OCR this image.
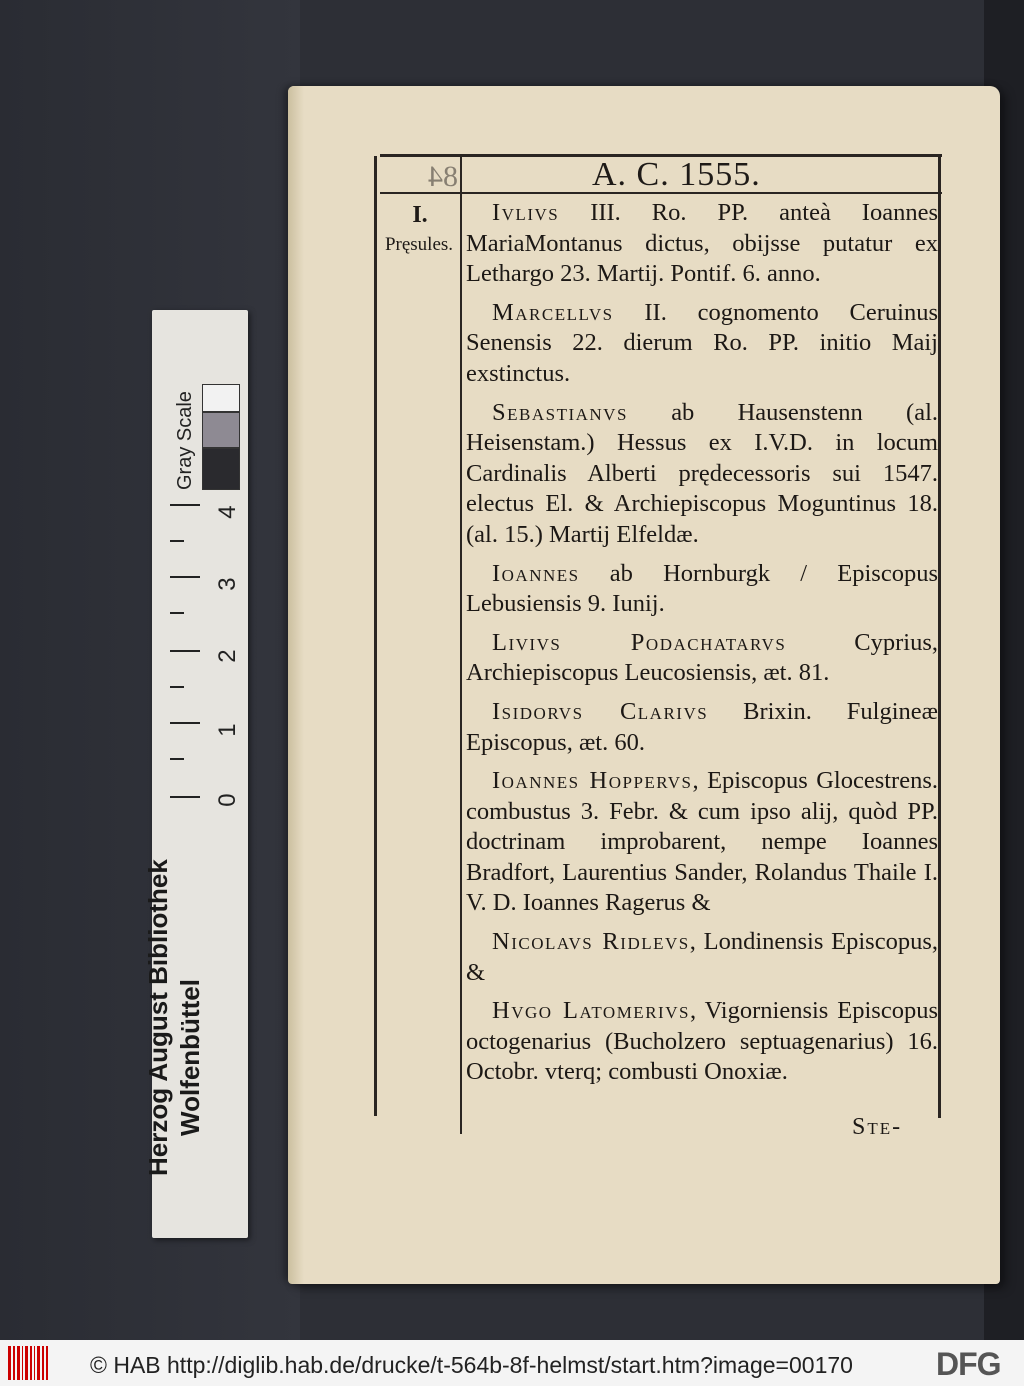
84	A. C. 1555.
I.
Pręsules.

Ivlivs III. Ro. PP. anteà Ioannes MariaMontanus dictus, obijsse putatur ex Lethargo 23. Martij. Pontif. 6. anno.

Marcellvs II. cognomento Ceruinus Senensis 22. dierum Ro. PP. initio Maij exstinctus.

Sebastianvs ab Hausenstenn (al. Heisenstam.) Hessus ex I.V.D. in locum Cardinalis Alberti prędecessoris sui 1547. electus El. & Archiepiscopus Moguntinus 18. (al. 15.) Martij Elfeldæ.

Ioannes ab Hornburgk / Episcopus Lebusiensis 9. Iunij.

Livivs Podachatarvs Cyprius, Archiepiscopus Leucosiensis, æt. 81.

Isidorvs Clarivs Brixin. Fulgineæ Episcopus, æt. 60.

Ioannes Hoppervs, Episcopus Glocestrens. combustus 3. Febr. & cum ipso alij, quòd PP. doctrinam improbarent, nempe Ioannes Bradfort, Laurentius Sander, Rolandus Thaile I. V. D. Ioannes Ragerus &

Nicolavs Ridlevs, Londinensis Episcopus, &

Hvgo Latomerivs, Vigorniensis Episcopus octogenarius (Bucholzero septuagenarius) 16. Octobr. vterq; combusti Onoxiæ.

Ste-
Gray Scale
0
1
2
3
4
Herzog August Bibliothek Wolfenbüttel
© HAB http://diglib.hab.de/drucke/t-564b-8f-helmst/start.htm?image=00170	DFG
